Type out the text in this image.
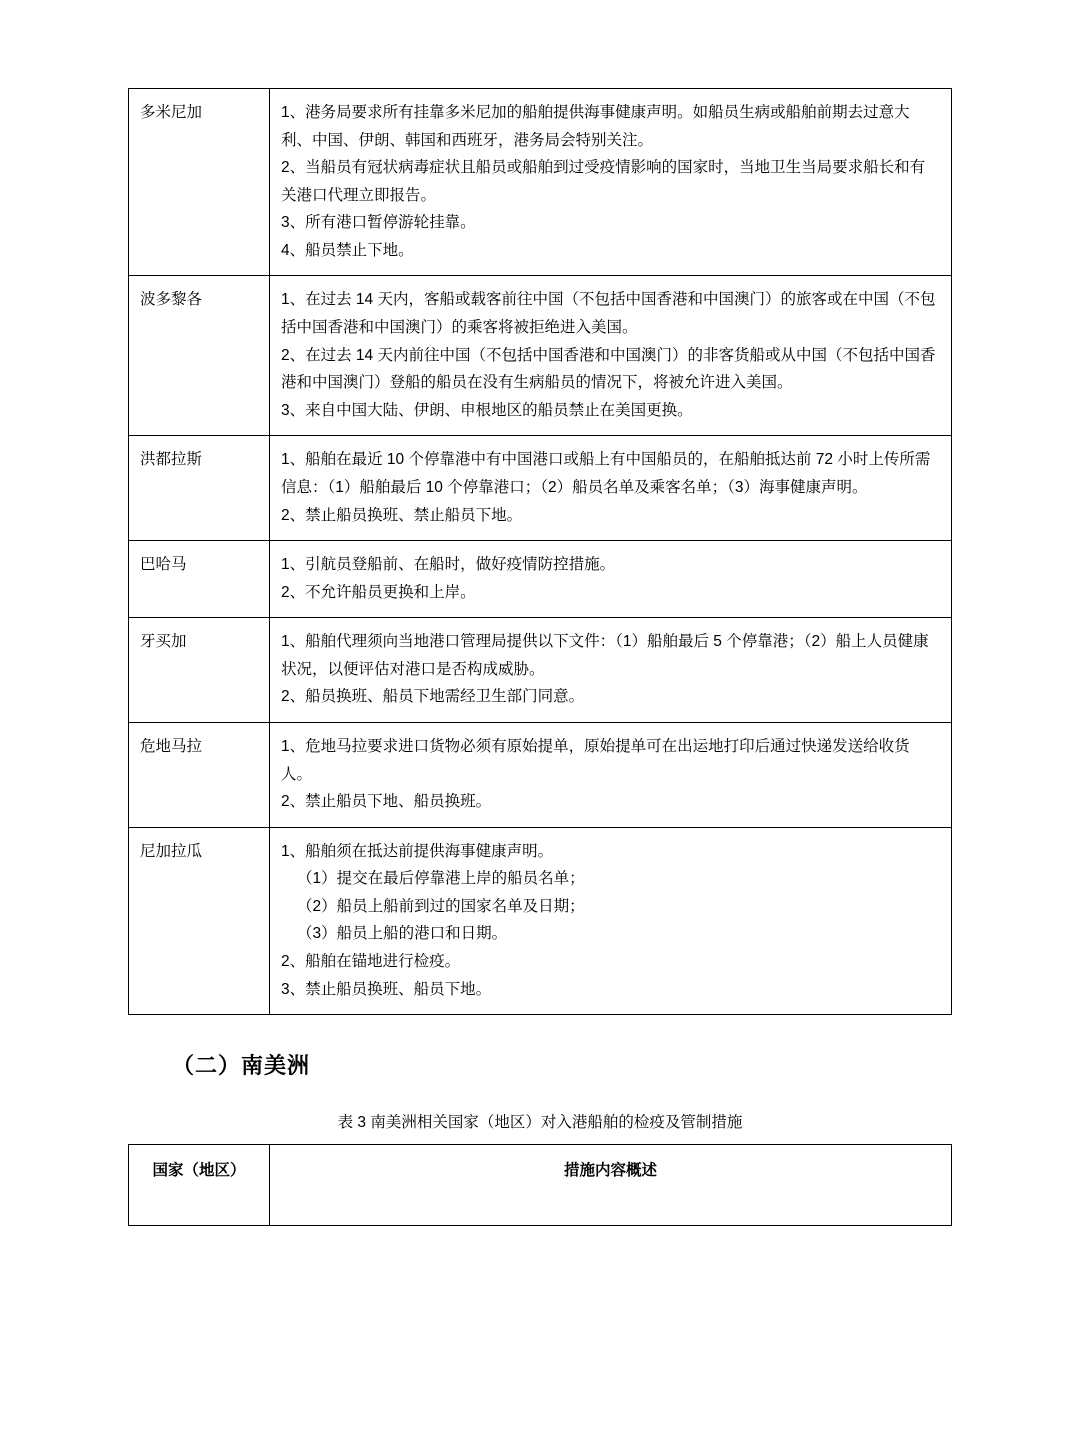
多米尼加	1、港务局要求所有挂靠多米尼加的船舶提供海事健康声明。如船员生病或船舶前期去过意大利、中国、伊朗、韩国和西班牙，港务局会特别关注。

2、当船员有冠状病毒症状且船员或船舶到过受疫情影响的国家时，当地卫生当局要求船长和有关港口代理立即报告。

3、所有港口暂停游轮挂靠。

4、船员禁止下地。

波多黎各	1、在过去 14 天内，客船或载客前往中国（不包括中国香港和中国澳门）的旅客或在中国（不包括中国香港和中国澳门）的乘客将被拒绝进入美国。

2、在过去 14 天内前往中国（不包括中国香港和中国澳门）的非客货船或从中国（不包括中国香港和中国澳门）登船的船员在没有生病船员的情况下，将被允许进入美国。

3、来自中国大陆、伊朗、申根地区的船员禁止在美国更换。

洪都拉斯	1、船舶在最近 10 个停靠港中有中国港口或船上有中国船员的，在船舶抵达前 72 小时上传所需信息：（1）船舶最后 10 个停靠港口；（2）船员名单及乘客名单；（3）海事健康声明。

2、禁止船员换班、禁止船员下地。

巴哈马	1、引航员登船前、在船时，做好疫情防控措施。

2、不允许船员更换和上岸。

牙买加	1、船舶代理须向当地港口管理局提供以下文件：（1）船舶最后 5 个停靠港；（2）船上人员健康状况，以便评估对港口是否构成威胁。

2、船员换班、船员下地需经卫生部门同意。

危地马拉	1、危地马拉要求进口货物必须有原始提单，原始提单可在出运地打印后通过快递发送给收货人。

2、禁止船员下地、船员换班。

尼加拉瓜	1、船舶须在抵达前提供海事健康声明。

（1）提交在最后停靠港上岸的船员名单；

（2）船员上船前到过的国家名单及日期；

（3）船员上船的港口和日期。

2、船舶在锚地进行检疫。

3、禁止船员换班、船员下地。

（二）南美洲
表 3 南美洲相关国家（地区）对入港船舶的检疫及管制措施
国家（地区）	措施内容概述
